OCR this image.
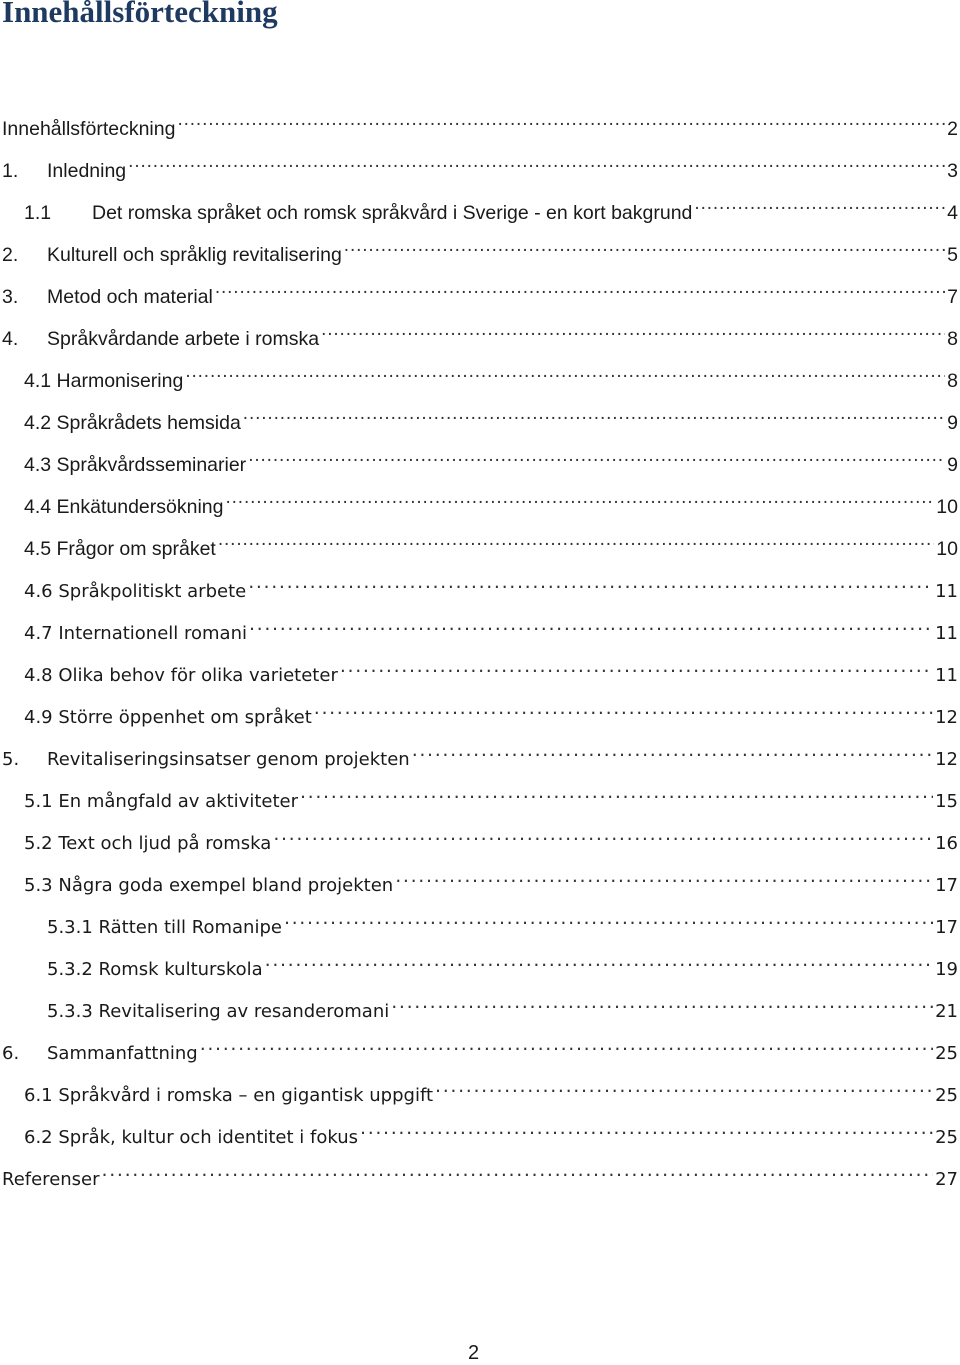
Innehållsförteckning
Innehållsförteckning . . .	2
1.	Inledning . . .	3
1.1	Det romska språket och romsk språkvård i Sverige - en kort bakgrund . . .	4
2.	Kulturell och språklig revitalisering . . .	5
3.	Metod och material . . .	7
4.	Språkvårdande arbete i romska . . .	8
4.1 Harmonisering . . .	8
4.2 Språkrådets hemsida . . .	9
4.3 Språkvårdsseminarier . . .	9
4.4 Enkätundersökning . . .	10
4.5 Frågor om språket . . .	10
4.6 Språkpolitiskt arbete . . .	11
4.7 Internationell romani . . .	11
4.8 Olika behov för olika varieteter . . .	11
4.9 Större öppenhet om språket . . .	12
5.	Revitaliseringsinsatser genom projekten . . .	12
5.1 En mångfald av aktiviteter . . .	15
5.2 Text och ljud på romska . . .	16
5.3 Några goda exempel bland projekten . . .	17
5.3.1 Rätten till Romanipe . . .	17
5.3.2 Romsk kulturskola . . .	19
5.3.3 Revitalisering av resanderomani . . .	21
6.	Sammanfattning . . .	25
6.1 Språkvård i romska – en gigantisk uppgift . . .	25
6.2 Språk, kultur och identitet i fokus . . .	25
Referenser . . .	27
2
